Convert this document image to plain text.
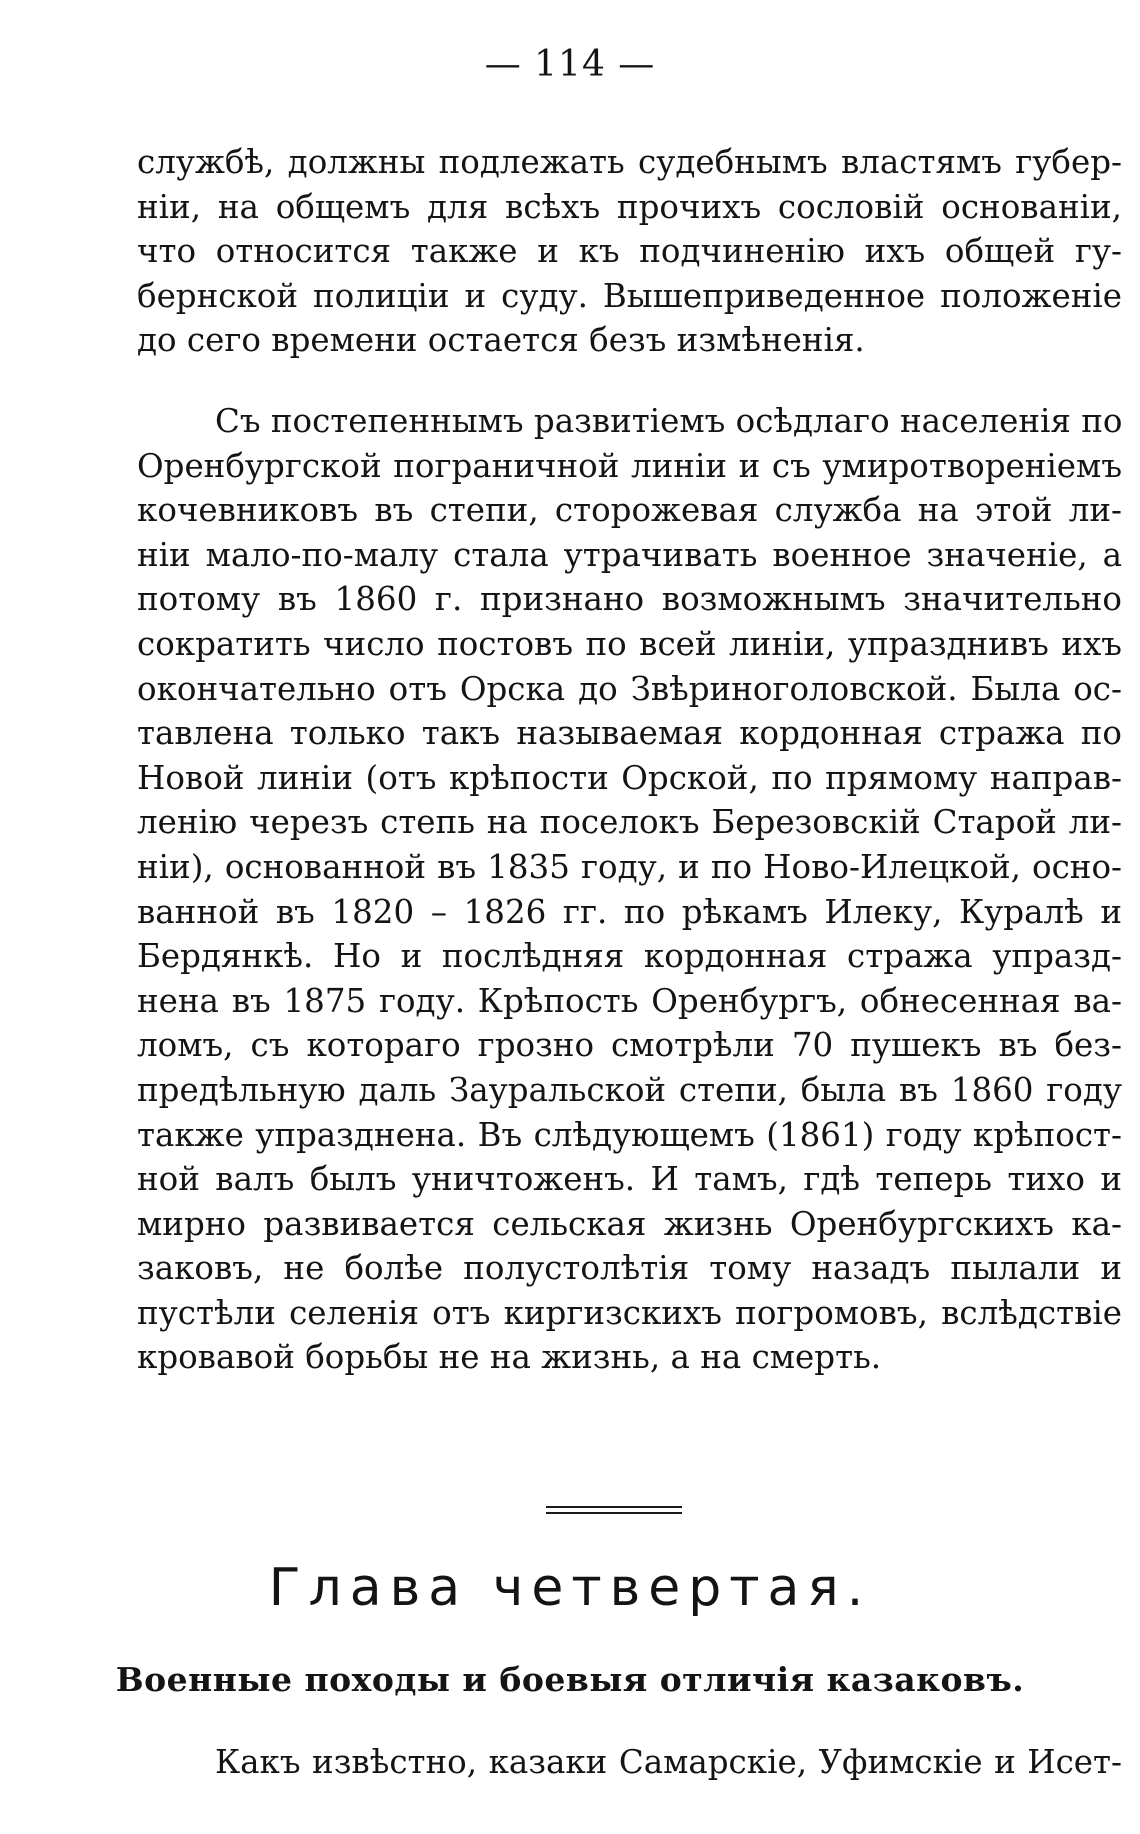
— 114 —
службѣ, должны подлежать судебнымъ властямъ губер-
ніи, на общемъ для всѣхъ прочихъ сословій основаніи,
что относится также и къ подчиненію ихъ общей гу-
бернской полиціи и суду. Вышеприведенное положеніе
до сего времени остается безъ измѣненія.
Съ постепеннымъ развитіемъ осѣдлаго населенія по
Оренбургской пограничной линіи и съ умиротвореніемъ
кочевниковъ въ степи, сторожевая служба на этой ли-
ніи мало-по-малу стала утрачивать военное значеніе, а
потому въ 1860 г. признано возможнымъ значительно
сократить число постовъ по всей линіи, упразднивъ ихъ
окончательно отъ Орска до Звѣриноголовской. Была ос-
тавлена только такъ называемая кордонная стража по
Новой линіи (отъ крѣпости Орской, по прямому направ-
ленію черезъ степь на поселокъ Березовскій Старой ли-
ніи), основанной въ 1835 году, и по Ново-Илецкой, осно-
ванной въ 1820 – 1826 гг. по рѣкамъ Илеку, Куралѣ и
Бердянкѣ. Но и послѣдняя кордонная стража упразд-
нена въ 1875 году. Крѣпость Оренбургъ, обнесенная ва-
ломъ, съ котораго грозно смотрѣли 70 пушекъ въ без-
предѣльную даль Зауральской степи, была въ 1860 году
также упразднена. Въ слѣдующемъ (1861) году крѣпост-
ной валъ былъ уничтоженъ. И тамъ, гдѣ теперь тихо и
мирно развивается сельская жизнь Оренбургскихъ ка-
заковъ, не болѣе полустолѣтія тому назадъ пылали и
пустѣли селенія отъ киргизскихъ погромовъ, вслѣдствіе
кровавой борьбы не на жизнь, а на смерть.
Глава четвертая.
Военные походы и боевыя отличія казаковъ.
Какъ извѣстно, казаки Самарскіе, Уфимскіе и Исет-
